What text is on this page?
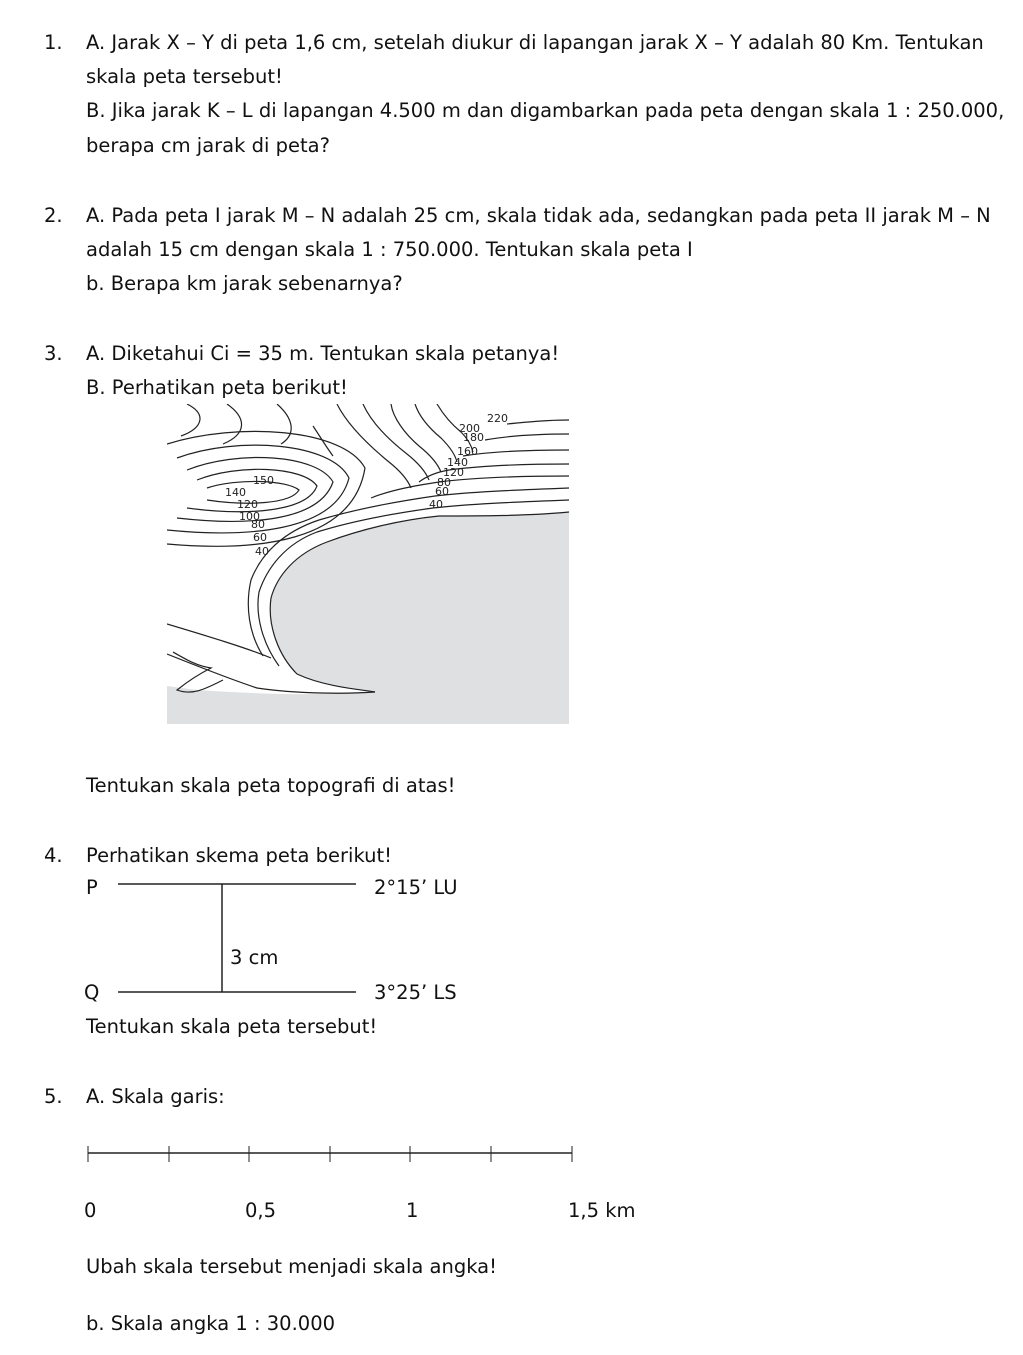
1. A. Jarak X – Y di peta 1,6 cm, setelah diukur di lapangan jarak X – Y adalah 80 Km. Tentukan
skala peta tersebut!
B. Jika jarak K – L di lapangan 4.500 m dan digambarkan pada peta dengan skala 1 : 250.000,
berapa cm jarak di peta?
2. A. Pada peta I jarak M – N adalah 25 cm, skala tidak ada, sedangkan pada peta II jarak M – N
adalah 15 cm dengan skala 1 : 750.000. Tentukan skala peta I
b. Berapa km jarak sebenarnya?
3. A. Diketahui Ci = 35 m. Tentukan skala petanya!
B. Perhatikan peta berikut!
220
200
180
160
140
120
80
60
40
150
140
120
100
80
60
40
Tentukan skala peta topografi di atas!
4. Perhatikan skema peta berikut!
P
Q
2°15’ LU
3°25’ LS
3 cm
Tentukan skala peta tersebut!
5. A. Skala garis:
0	0,5	1	1,5 km
Ubah skala tersebut menjadi skala angka!
b. Skala angka 1 : 30.000
